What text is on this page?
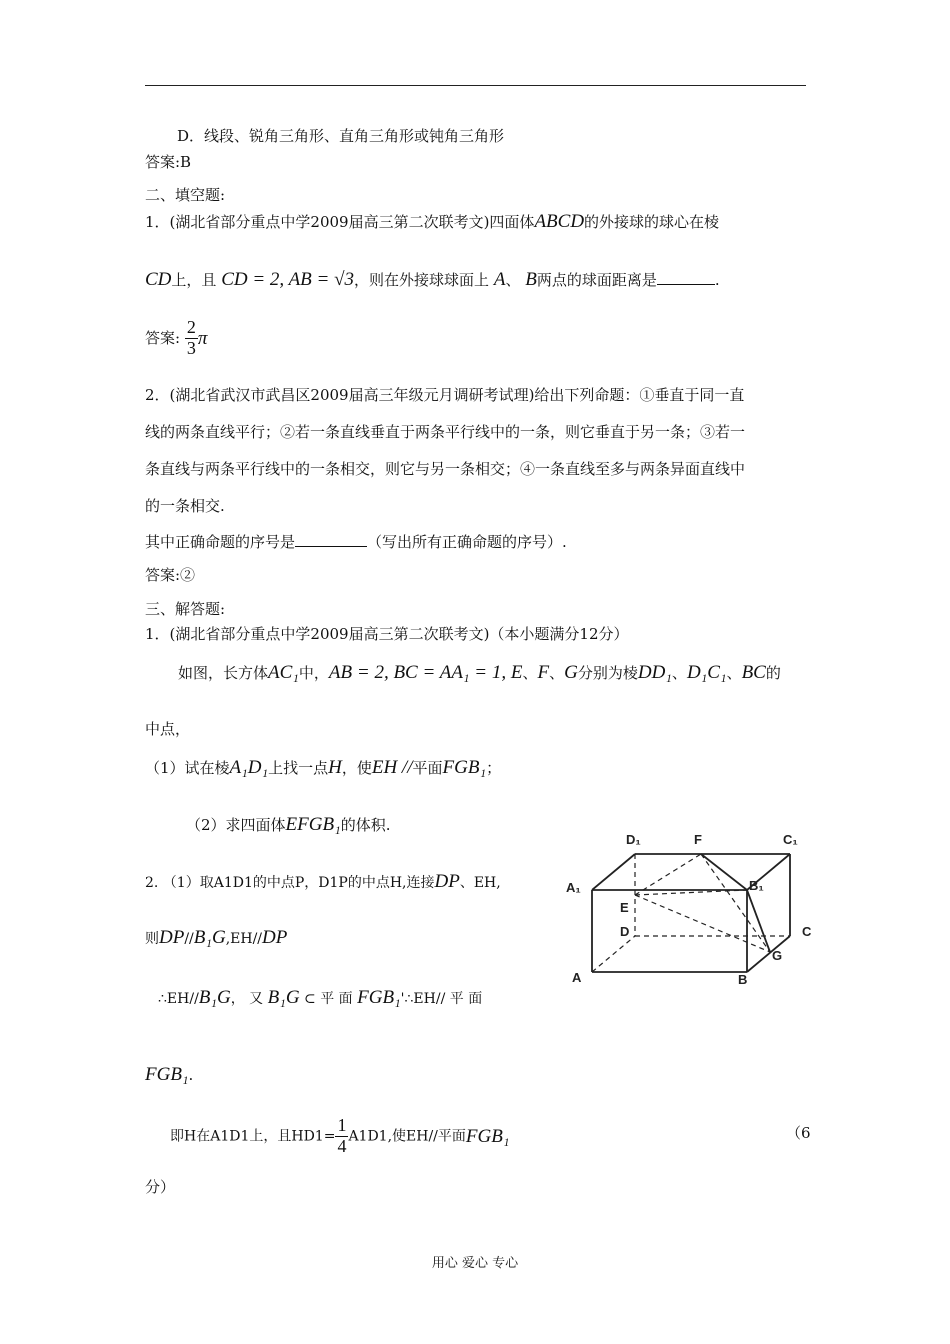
D．线段、锐角三角形、直角三角形或钝角三角形
答案:B
二、填空题:
1．(湖北省部分重点中学2009届高三第二次联考文)四面体ABCD的外接球的球心在棱
CD上，且 CD = 2, AB = √3，则在外接球球面上 A、 B两点的球面距离是	.
答案: $\frac{2}{3}$ π
2．(湖北省武汉市武昌区2009届高三年级元月调研考试理)给出下列命题：①垂直于同一直
线的两条直线平行；②若一条直线垂直于两条平行线中的一条，则它垂直于另一条；③若一
条直线与两条平行线中的一条相交，则它与另一条相交；④一条直线至多与两条异面直线中
的一条相交.
其中正确命题的序号是	（写出所有正确命题的序号）.
答案:②
三、解答题:
1．(湖北省部分重点中学2009届高三第二次联考文)（本小题满分12分）
如图，长方体AC₁中，AB = 2, BC = AA₁ = 1, E、F、G分别为棱DD₁、D₁C₁、BC的
中点，
（1）试在棱A₁D₁上找一点H，使EH //平面FGB₁；
（2）求四面体EFGB₁的体积.
2. （1）取A1D1的中点P，D1P的中点H,连接DP、EH,
则DP//B₁G,EH//DP
∴EH//B₁G， 又 B₁G ⊂ 平 面 FGB₁'∴EH// 平 面
FGB₁.
即H在A1D1上，且$HD1= \frac{1}{4} A1D1$,使EH//平面FGB₁	（6
分）
D₁	F	C₁
A₁	B₁
E
D	C
G
A	B
用心 爱心 专心
